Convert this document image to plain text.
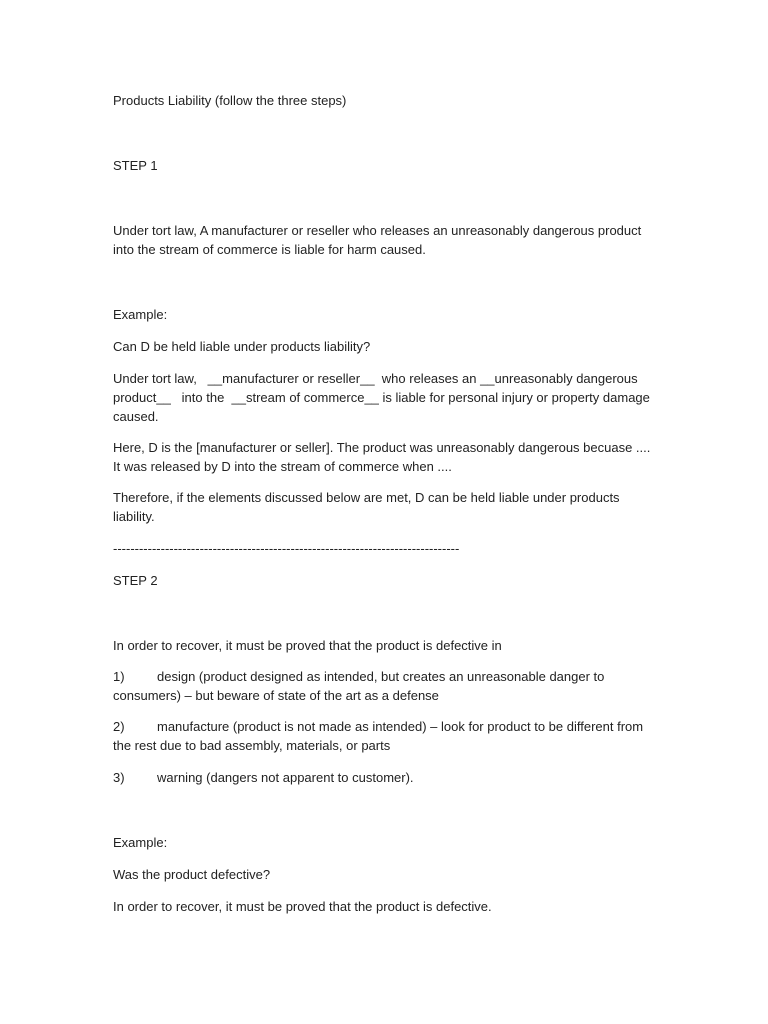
Products Liability (follow the three steps)

STEP 1

Under tort law, A manufacturer or reseller who releases an unreasonably dangerous product into the stream of commerce is liable for harm caused.

Example:

Can D be held liable under products liability?

Under tort law,   __manufacturer or reseller__  who releases an __unreasonably dangerous product__   into the  __stream of commerce__ is liable for personal injury or property damage caused.

Here, D is the [manufacturer or seller]. The product was unreasonably dangerous becuase .... It was released by D into the stream of commerce when ....

Therefore, if the elements discussed below are met, D can be held liable under products liability.

--------------------------------------------------------------------------------

STEP 2

In order to recover, it must be proved that the product is defective in

1) design (product designed as intended, but creates an unreasonable danger to consumers) – but beware of state of the art as a defense

2) manufacture (product is not made as intended) – look for product to be different from the rest due to bad assembly, materials, or parts

3) warning (dangers not apparent to customer).

Example:

Was the product defective?

In order to recover, it must be proved that the product is defective.
